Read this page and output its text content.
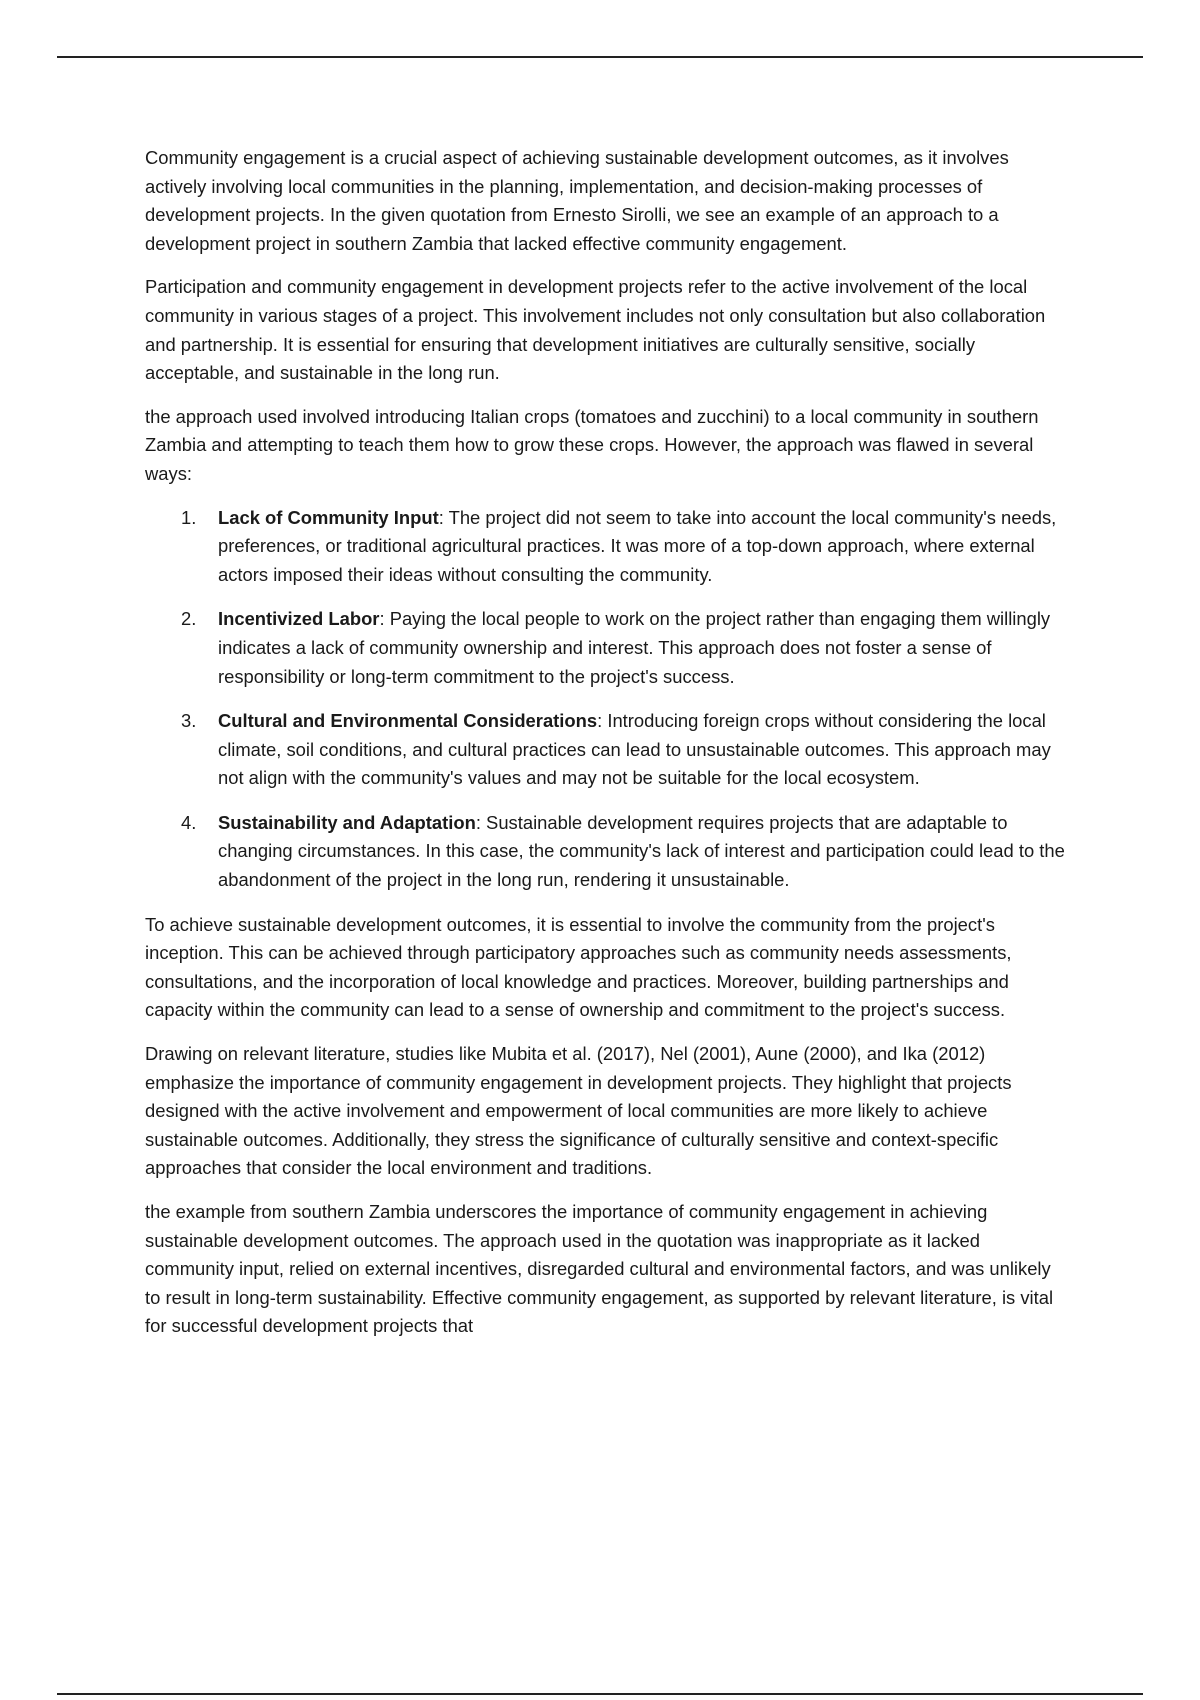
Community engagement is a crucial aspect of achieving sustainable development outcomes, as it involves actively involving local communities in the planning, implementation, and decision-making processes of development projects. In the given quotation from Ernesto Sirolli, we see an example of an approach to a development project in southern Zambia that lacked effective community engagement.

Participation and community engagement in development projects refer to the active involvement of the local community in various stages of a project. This involvement includes not only consultation but also collaboration and partnership. It is essential for ensuring that development initiatives are culturally sensitive, socially acceptable, and sustainable in the long run.

the approach used involved introducing Italian crops (tomatoes and zucchini) to a local community in southern Zambia and attempting to teach them how to grow these crops. However, the approach was flawed in several ways:

1. Lack of Community Input: The project did not seem to take into account the local community's needs, preferences, or traditional agricultural practices. It was more of a top-down approach, where external actors imposed their ideas without consulting the community.
2. Incentivized Labor: Paying the local people to work on the project rather than engaging them willingly indicates a lack of community ownership and interest. This approach does not foster a sense of responsibility or long-term commitment to the project's success.
3. Cultural and Environmental Considerations: Introducing foreign crops without considering the local climate, soil conditions, and cultural practices can lead to unsustainable outcomes. This approach may not align with the community's values and may not be suitable for the local ecosystem.
4. Sustainability and Adaptation: Sustainable development requires projects that are adaptable to changing circumstances. In this case, the community's lack of interest and participation could lead to the abandonment of the project in the long run, rendering it unsustainable.

To achieve sustainable development outcomes, it is essential to involve the community from the project's inception. This can be achieved through participatory approaches such as community needs assessments, consultations, and the incorporation of local knowledge and practices. Moreover, building partnerships and capacity within the community can lead to a sense of ownership and commitment to the project's success.

Drawing on relevant literature, studies like Mubita et al. (2017), Nel (2001), Aune (2000), and Ika (2012) emphasize the importance of community engagement in development projects. They highlight that projects designed with the active involvement and empowerment of local communities are more likely to achieve sustainable outcomes. Additionally, they stress the significance of culturally sensitive and context-specific approaches that consider the local environment and traditions.

the example from southern Zambia underscores the importance of community engagement in achieving sustainable development outcomes. The approach used in the quotation was inappropriate as it lacked community input, relied on external incentives, disregarded cultural and environmental factors, and was unlikely to result in long-term sustainability. Effective community engagement, as supported by relevant literature, is vital for successful development projects that
